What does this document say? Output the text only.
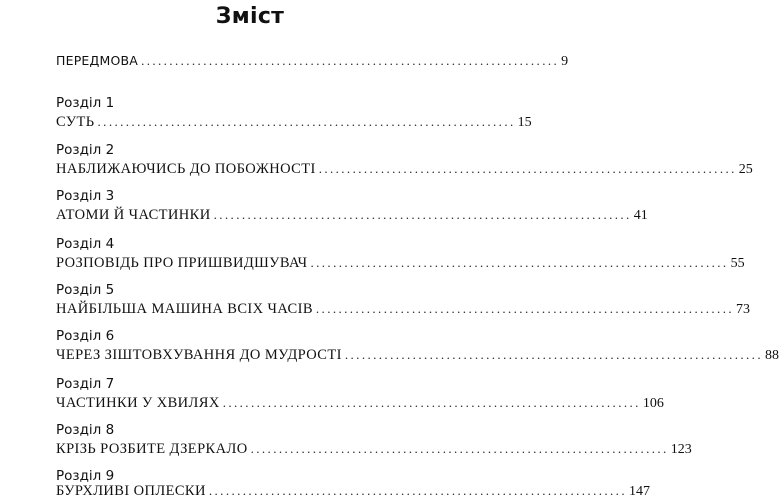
Зміст
ПЕРЕДМОВА .......................................................................... 9
Розділ 1
СУТЬ .......................................................................... 15
Розділ 2
НАБЛИЖАЮЧИСЬ ДО ПОБОЖНОСТІ .......................................................................... 25
Розділ 3
АТОМИ Й ЧАСТИНКИ .......................................................................... 41
Розділ 4
РОЗПОВІДЬ ПРО ПРИШВИДШУВАЧ .......................................................................... 55
Розділ 5
НАЙБІЛЬША МАШИНА ВСІХ ЧАСІВ .......................................................................... 73
Розділ 6
ЧЕРЕЗ ЗІШТОВХУВАННЯ ДО МУДРОСТІ .......................................................................... 88
Розділ 7
ЧАСТИНКИ У ХВИЛЯХ .......................................................................... 106
Розділ 8
КРІЗЬ РОЗБИТЕ ДЗЕРКАЛО .......................................................................... 123
Розділ 9
БУРХЛИВІ ОПЛЕСКИ .......................................................................... 147
